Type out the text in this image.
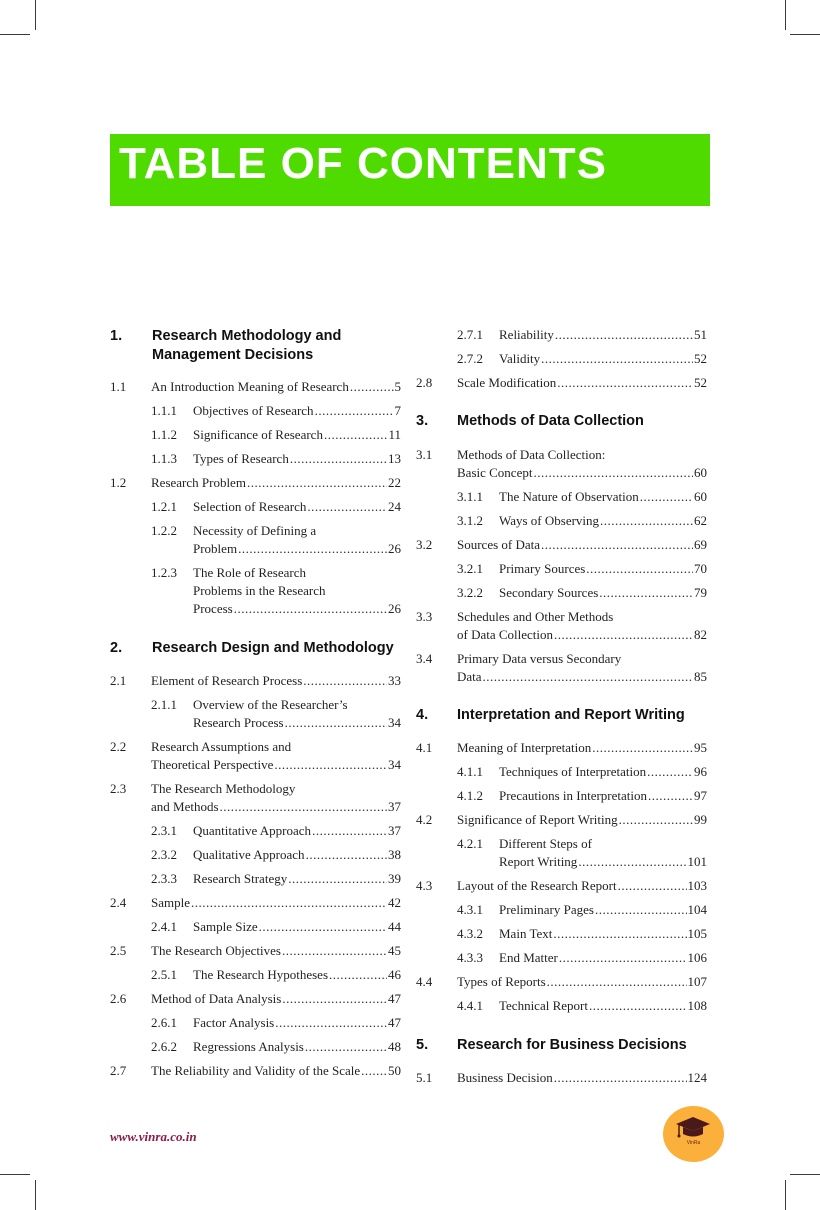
TABLE OF CONTENTS
1. Research Methodology and
Management Decisions
1.1 An Introduction Meaning of Research .....	5
1.1.1 Objectives of Research .....	7
1.1.2 Significance of Research .....	11
1.1.3 Types of Research .....	13
1.2 Research Problem .....	22
1.2.1 Selection of Research .....	24
1.2.2 Necessity of Defining a
Problem .....	26
1.2.3 The Role of Research
Problems in the Research
Process .....	26
2. Research Design and Methodology
2.1 Element of Research Process .....	33
2.1.1 Overview of the Researcher’s
Research Process .....	34
2.2 Research Assumptions and
Theoretical Perspective .....	34
2.3 The Research Methodology
and Methods .....	37
2.3.1 Quantitative Approach .....	37
2.3.2 Qualitative Approach .....	38
2.3.3 Research Strategy .....	39
2.4 Sample .....	42
2.4.1 Sample Size .....	44
2.5 The Research Objectives .....	45
2.5.1 The Research Hypotheses .....	46
2.6 Method of Data Analysis .....	47
2.6.1 Factor Analysis .....	47
2.6.2 Regressions Analysis .....	48
2.7 The Reliability and Validity of the Scale ..... 50
2.7.1 Reliability .....	51
2.7.2 Validity .....	52
2.8 Scale Modification .....	52
3. Methods of Data Collection
3.1 Methods of Data Collection:
Basic Concept .....	60
3.1.1 The Nature of Observation .....	60
3.1.2 Ways of Observing .....	62
3.2 Sources of Data .....	69
3.2.1 Primary Sources .....	70
3.2.2 Secondary Sources .....	79
3.3 Schedules and Other Methods
of Data Collection .....	82
3.4 Primary Data versus Secondary
Data .....	85
4. Interpretation and Report Writing
4.1 Meaning of Interpretation .....	95
4.1.1 Techniques of Interpretation .....	96
4.1.2 Precautions in Interpretation .....	97
4.2 Significance of Report Writing .....	99
4.2.1 Different Steps of
Report Writing .....	101
4.3 Layout of the Research Report .....	103
4.3.1 Preliminary Pages .....	104
4.3.2 Main Text .....	105
4.3.3 End Matter .....	106
4.4 Types of Reports .....	107
4.4.1 Technical Report .....	108
5. Research for Business Decisions
5.1 Business Decision .....	124
www.vinra.co.in	VinRa
